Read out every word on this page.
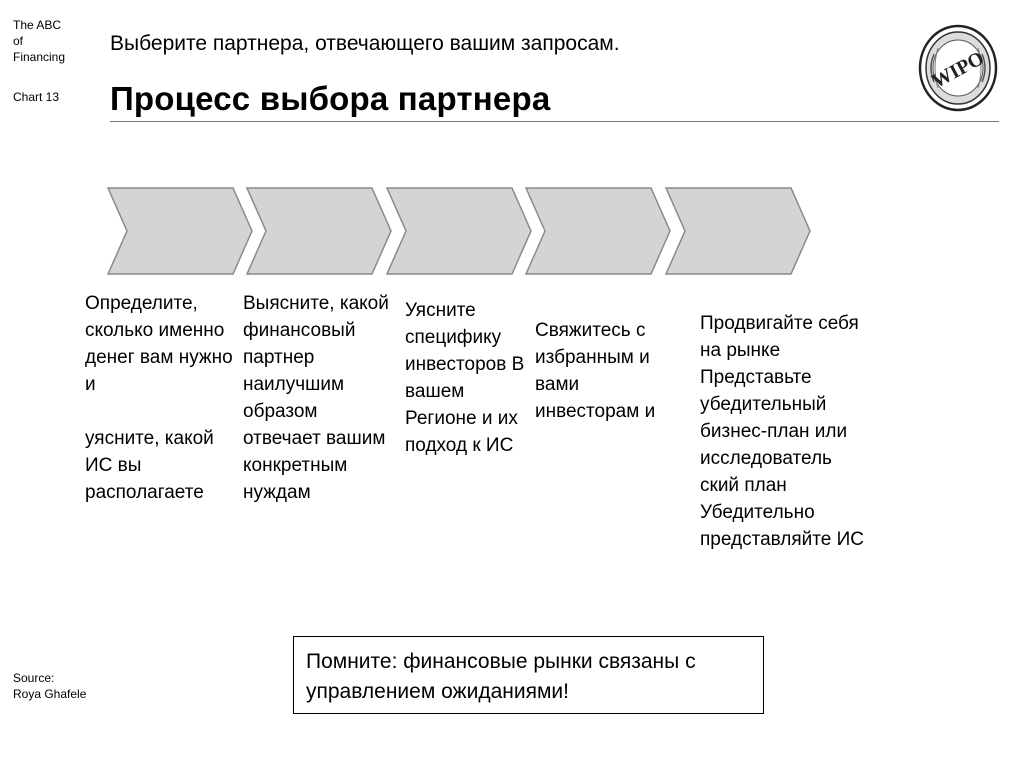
The ABC
of
Financing
Chart 13
Выберите партнера, отвечающего вашим запросам.
Процесс выбора партнера
WIPO
Определите, сколько именно денег вам нужно и

уясните, какой ИС вы располагаете
Выясните, какой финансовый партнер наилучшим образом отвечает вашим конкретным нуждам
Уясните специфику инвесторов В вашем Регионе и их подход к ИС
Свяжитесь с избранным и вами инвесторам и
Продвигайте себя на рынке Представьте убедительный бизнес-план или исследователь ский план Убедительно представляйте ИС
Помните: финансовые рынки связаны с управлением ожиданиями!
Source:
Roya Ghafele
